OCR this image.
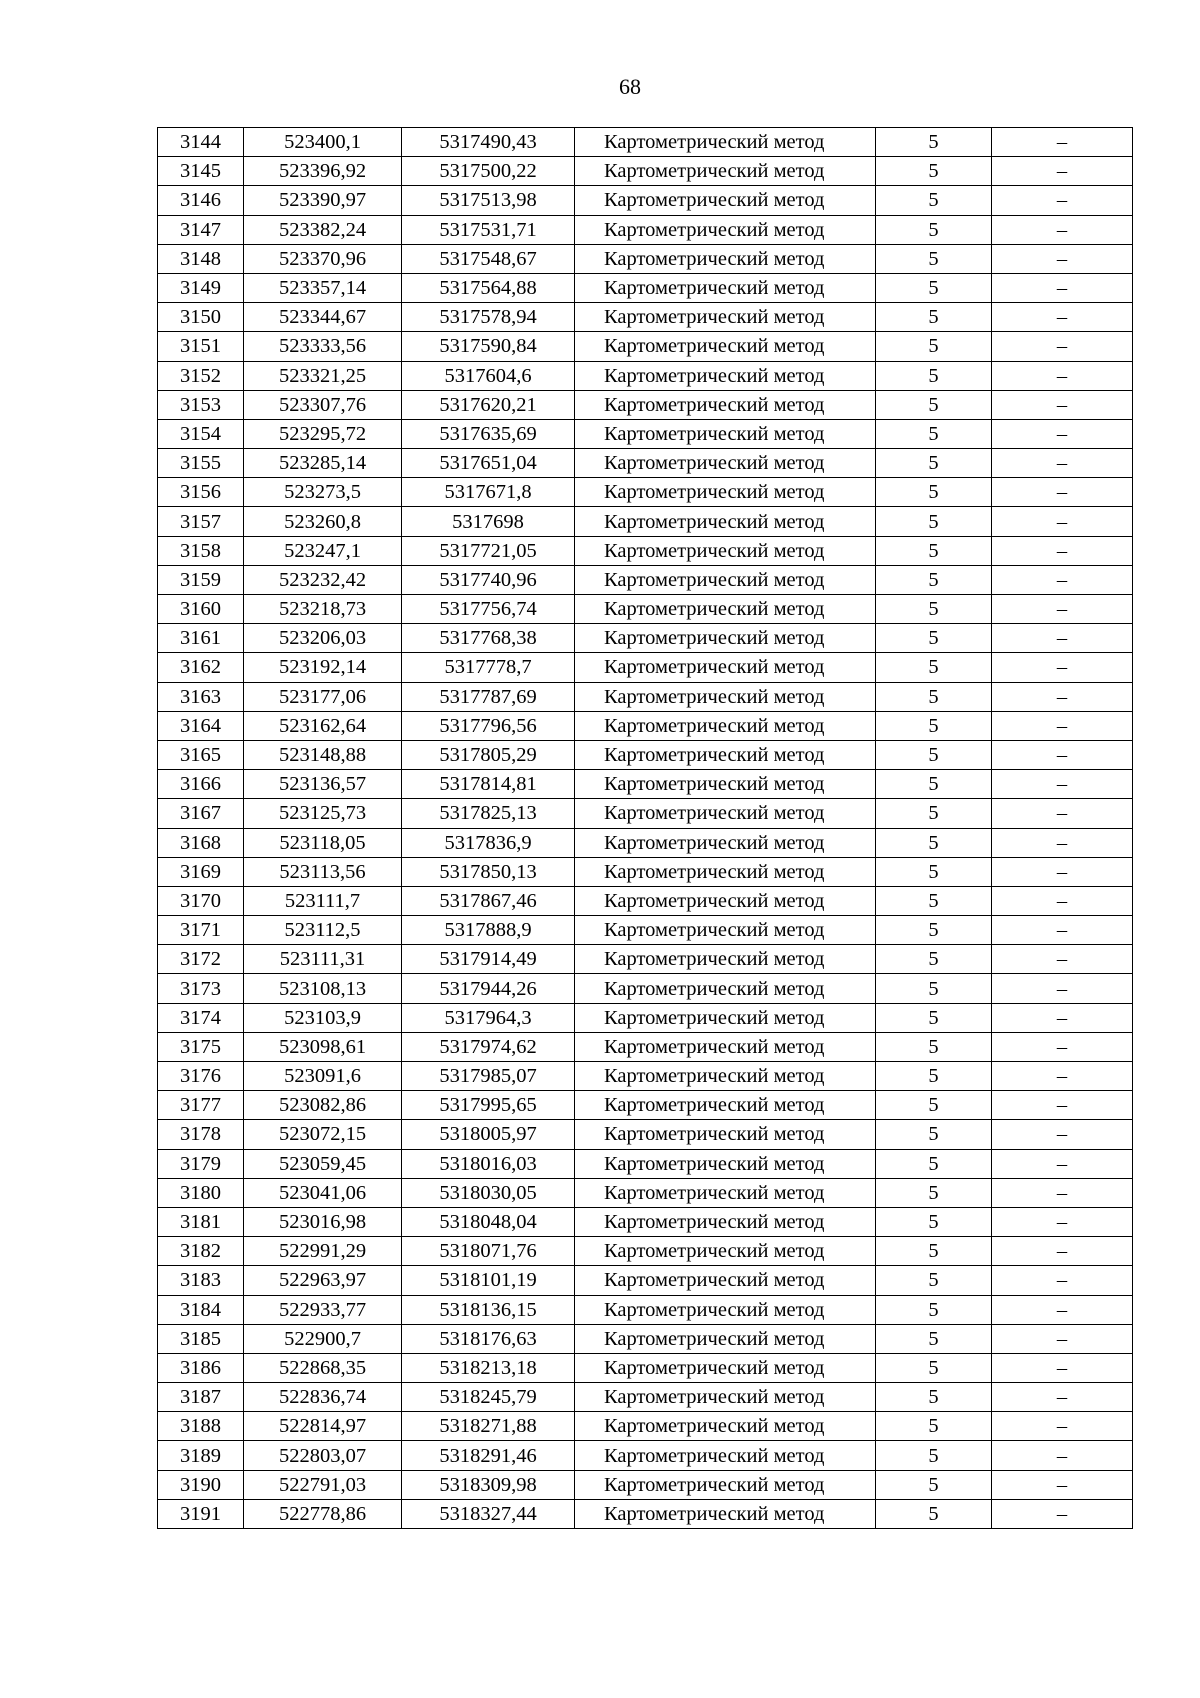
68
3144	523400,1	5317490,43	Картометрический метод	5	–
3145	523396,92	5317500,22	Картометрический метод	5	–
3146	523390,97	5317513,98	Картометрический метод	5	–
3147	523382,24	5317531,71	Картометрический метод	5	–
3148	523370,96	5317548,67	Картометрический метод	5	–
3149	523357,14	5317564,88	Картометрический метод	5	–
3150	523344,67	5317578,94	Картометрический метод	5	–
3151	523333,56	5317590,84	Картометрический метод	5	–
3152	523321,25	5317604,6	Картометрический метод	5	–
3153	523307,76	5317620,21	Картометрический метод	5	–
3154	523295,72	5317635,69	Картометрический метод	5	–
3155	523285,14	5317651,04	Картометрический метод	5	–
3156	523273,5	5317671,8	Картометрический метод	5	–
3157	523260,8	5317698	Картометрический метод	5	–
3158	523247,1	5317721,05	Картометрический метод	5	–
3159	523232,42	5317740,96	Картометрический метод	5	–
3160	523218,73	5317756,74	Картометрический метод	5	–
3161	523206,03	5317768,38	Картометрический метод	5	–
3162	523192,14	5317778,7	Картометрический метод	5	–
3163	523177,06	5317787,69	Картометрический метод	5	–
3164	523162,64	5317796,56	Картометрический метод	5	–
3165	523148,88	5317805,29	Картометрический метод	5	–
3166	523136,57	5317814,81	Картометрический метод	5	–
3167	523125,73	5317825,13	Картометрический метод	5	–
3168	523118,05	5317836,9	Картометрический метод	5	–
3169	523113,56	5317850,13	Картометрический метод	5	–
3170	523111,7	5317867,46	Картометрический метод	5	–
3171	523112,5	5317888,9	Картометрический метод	5	–
3172	523111,31	5317914,49	Картометрический метод	5	–
3173	523108,13	5317944,26	Картометрический метод	5	–
3174	523103,9	5317964,3	Картометрический метод	5	–
3175	523098,61	5317974,62	Картометрический метод	5	–
3176	523091,6	5317985,07	Картометрический метод	5	–
3177	523082,86	5317995,65	Картометрический метод	5	–
3178	523072,15	5318005,97	Картометрический метод	5	–
3179	523059,45	5318016,03	Картометрический метод	5	–
3180	523041,06	5318030,05	Картометрический метод	5	–
3181	523016,98	5318048,04	Картометрический метод	5	–
3182	522991,29	5318071,76	Картометрический метод	5	–
3183	522963,97	5318101,19	Картометрический метод	5	–
3184	522933,77	5318136,15	Картометрический метод	5	–
3185	522900,7	5318176,63	Картометрический метод	5	–
3186	522868,35	5318213,18	Картометрический метод	5	–
3187	522836,74	5318245,79	Картометрический метод	5	–
3188	522814,97	5318271,88	Картометрический метод	5	–
3189	522803,07	5318291,46	Картометрический метод	5	–
3190	522791,03	5318309,98	Картометрический метод	5	–
3191	522778,86	5318327,44	Картометрический метод	5	–
